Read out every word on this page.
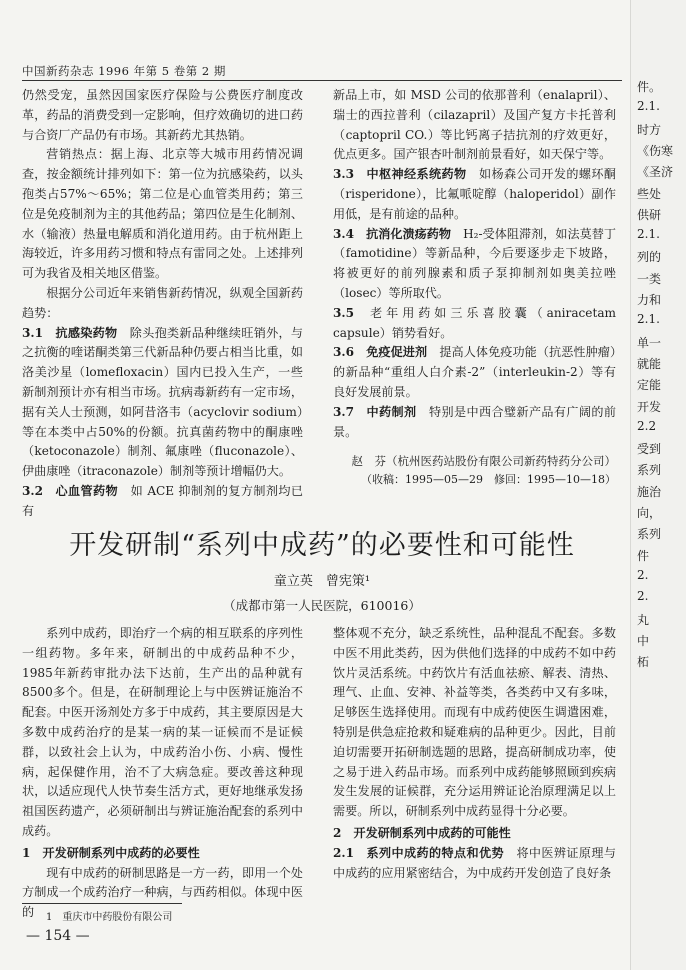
中国新药杂志 1996 年第 5 卷第 2 期

仍然受宠，虽然因国家医疗保险与公费医疗制度改革，药品的消费受到一定影响，但疗效确切的进口药与合资厂产品仍有市场。其新药尤其热销。

营销热点：据上海、北京等大城市用药情况调查，按金额统计排列如下：第一位为抗感染药，以头孢类占57%～65%；第二位是心血管类用药；第三位是免疫制剂为主的其他药品；第四位是生化制剂、水（输液）热量电解质和消化道用药。由于杭州距上海较近，许多用药习惯和特点有雷同之处。上述排列可为我省及相关地区借鉴。

根据分公司近年来销售新药情况，纵观全国新药趋势：

3.1  抗感染药物  除头孢类新品种继续旺销外，与之抗衡的喹诺酮类第三代新品种仍要占相当比重，如洛美沙星（lomefloxacin）国内已投入生产，一些新制剂预计亦有相当市场。抗病毒新药有一定市场，据有关人士预测，如阿昔洛韦（acyclovir sodium）等在本类中占50%的份额。抗真菌药物中的酮康唑（ketoconazole）制剂、氟康唑（fluconazole）、伊曲康唑（itraconazole）制剂等预计增幅仍大。

3.2  心血管药物  如 ACE 抑制剂的复方制剂均已有

新品上市，如 MSD 公司的依那普利（enalapril）、瑞士的西拉普利（cilazapril）及国产复方卡托普利（captopril CO.）等比钙离子拮抗剂的疗效更好，优点更多。国产银杏叶制剂前景看好，如天保宁等。

3.3  中枢神经系统药物  如杨森公司开发的螺环酮（risperidone），比氟哌啶醇（haloperidol）副作用低，是有前途的品种。

3.4  抗消化溃疡药物  H₂-受体阻滞剂，如法莫替丁（famotidine）等新品种，今后要逐步走下坡路，将被更好的前列腺素和质子泵抑制剂如奥美拉唑（losec）等所取代。

3.5  老年用药如三乐喜胶囊（aniracetam capsule）销势看好。

3.6  免疫促进剂  提高人体免疫功能（抗恶性肿瘤）的新品种“重组人白介素-2”（interleukin-2）等有良好发展前景。

3.7  中药制剂  特别是中西合璧新产品有广阔的前景。

赵　芬（杭州医药站股份有限公司新药特药分公司）
（收稿：1995—05—29　修回：1995—10—18）
开发研制“系列中成药”的必要性和可能性
童立英　曾宪策¹
（成都市第一人民医院，610016）

系列中成药，即治疗一个病的相互联系的序列性一组药物。多年来，研制出的中成药品种不少，1985年新药审批办法下达前，生产出的品种就有8500多个。但是，在研制理论上与中医辨证施治不配套。中医开汤剂处方多于中成药，其主要原因是大多数中成药治疗的是某一病的某一证候而不是证候群，以致社会上认为，中成药治小伤、小病、慢性病，起保健作用，治不了大病急症。要改善这种现状，以适应现代人快节奏生活方式，更好地继承发扬祖国医药遗产，必须研制出与辨证施治配套的系列中成药。

1　开发研制系列中成药的必要性

现有中成药的研制思路是一方一药，即用一个处方制成一个成药治疗一种病，与西药相似。体现中医的

整体观不充分，缺乏系统性，品种混乱不配套。多数中医不用此类药，因为供他们选择的中成药不如中药饮片灵活系统。中药饮片有活血祛瘀、解表、清热、理气、止血、安神、补益等类，各类药中又有多味，足够医生选择使用。而现有中成药使医生调遣困难，特别是供急症抢救和疑难病的品种更少。因此，目前迫切需要开拓研制选题的思路，提高研制成功率，使之易于进入药品市场。而系列中成药能够照顾到疾病发生发展的证候群，充分运用辨证论治原理满足以上需要。所以，研制系列中成药显得十分必要。

2　开发研制系列中成药的可能性

2.1  系列中成药的特点和优势  将中医辨证原理与中成药的应用紧密结合，为中成药开发创造了良好条

1　重庆市中药股份有限公司
— 154 —
件。
2.1.
时方
《伤寒
《圣济
些处
供研
2.1.
列的
一类
力和
2.1.
单一
就能
定能
开发
2.2
受到
系列
施治
向，
系列
件
2.
2.
丸
中
柘
